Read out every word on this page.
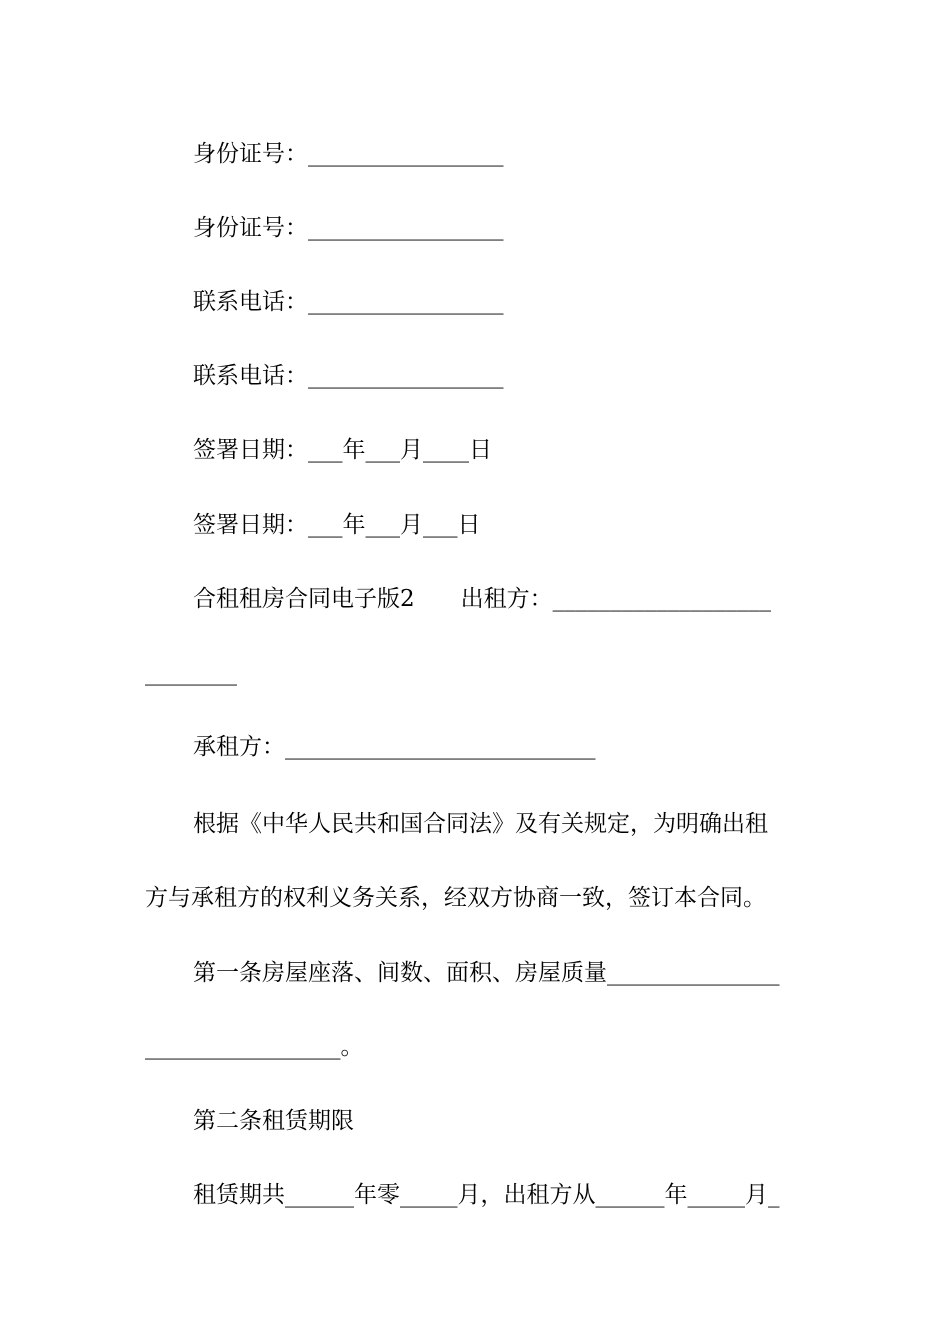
身份证号：_________________
身份证号：_________________
联系电话：_________________
联系电话：_________________
签署日期：___年___月____日
签署日期：___年___月___日
合租租房合同电子版2　　出租方：___________________
________
承租方：___________________________
根据《中华人民共和国合同法》及有关规定，为明确出租
方与承租方的权利义务关系，经双方协商一致，签订本合同。
第一条房屋座落、间数、面积、房屋质量_______________
_________________。
第二条租赁期限
租赁期共______年零_____月，出租方从______年_____月_
